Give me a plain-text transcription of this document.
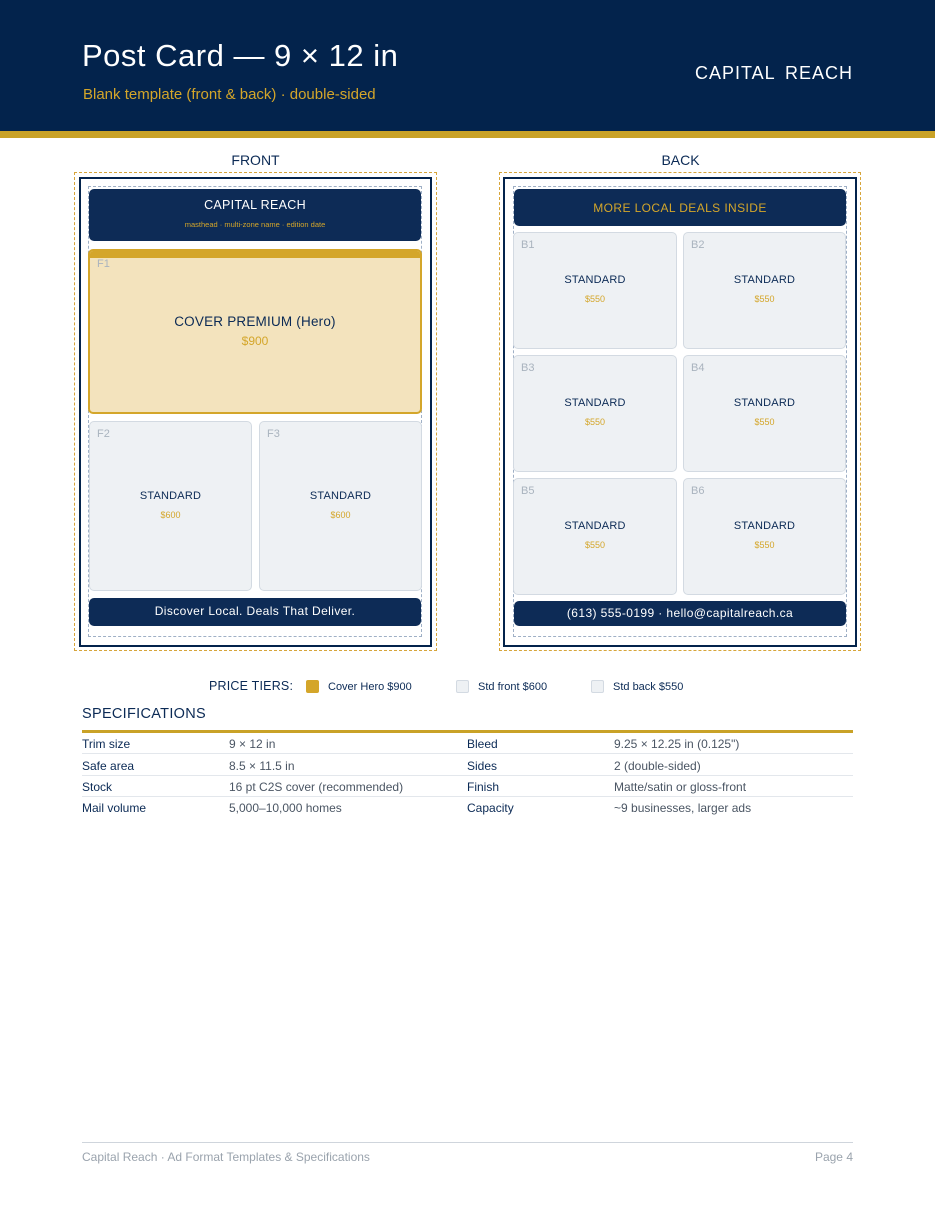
Post Card — 9 × 12 in
Blank template (front & back) · double-sided
CAPITAL REACH
FRONT
CAPITAL REACH
masthead · multi-zone name · edition date
F1
COVER PREMIUM (Hero)
$900
F2
STANDARD
$600
F3
STANDARD
$600
Discover Local. Deals That Deliver.
BACK
MORE LOCAL DEALS INSIDE
B1
STANDARD
$550
B2
STANDARD
$550
B3
STANDARD
$550
B4
STANDARD
$550
B5
STANDARD
$550
B6
STANDARD
$550
(613) 555-0199 · hello@capitalreach.ca
PRICE TIERS:	Cover Hero $900	Std front $600	Std back $550
SPECIFICATIONS
Trim size	9 × 12 in	Bleed	9.25 × 12.25 in (0.125")
Safe area	8.5 × 11.5 in	Sides	2 (double-sided)
Stock	16 pt C2S cover (recommended)	Finish	Matte/satin or gloss-front
Mail volume	5,000–10,000 homes	Capacity	~9 businesses, larger ads
Capital Reach · Ad Format Templates & Specifications	Page 4
